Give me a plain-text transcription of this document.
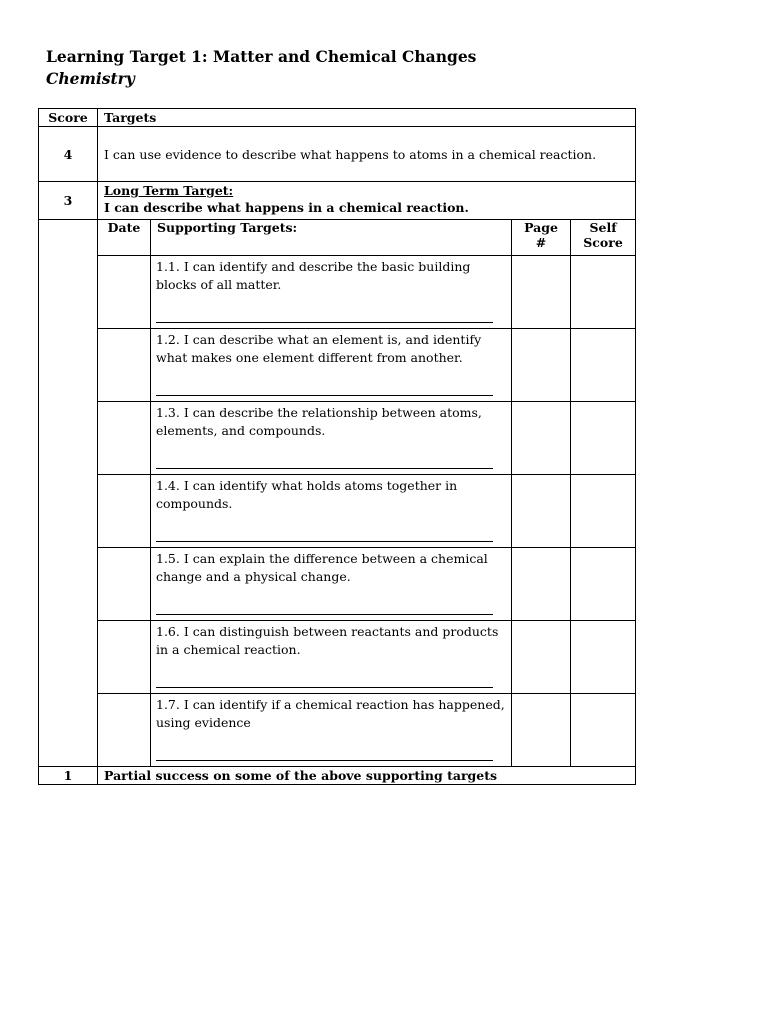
Learning Target 1: Matter and Chemical Changes
Chemistry
Score	Targets			
4	I can use evidence to describe what happens to atoms in a chemical reaction.			
3	Long Term Target:
I can describe what happens in a chemical reaction.			
	Date	Supporting Targets:	Page #	Self Score

		1.1. I can identify and describe the basic building blocks of all matter.		

		1.2. I can describe what an element is, and identify what makes one element different from another.		

		1.3. I can describe the relationship between atoms, elements, and compounds.		

		1.4. I can identify what holds atoms together in compounds.		

		1.5. I can explain the difference between a chemical change and a physical change.		

		1.6. I can distinguish between reactants and products in a chemical reaction.		

		1.7. I can identify if a chemical reaction has happened, using evidence		

1	Partial success on some of the above supporting targets			
